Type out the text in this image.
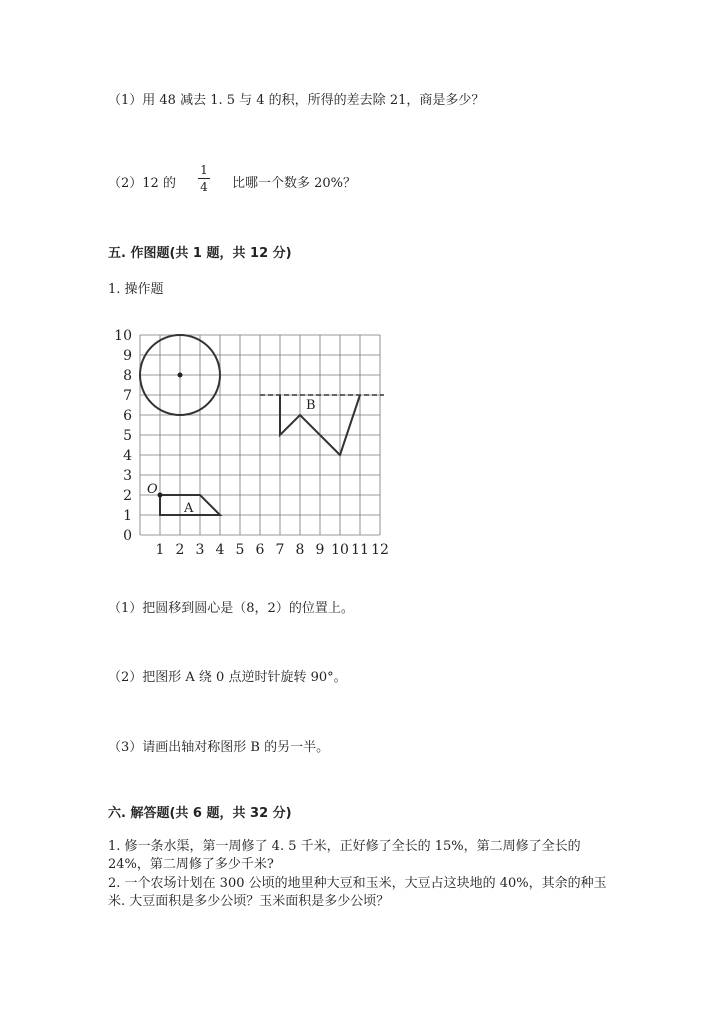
（1）用 48 减去 1. 5 与 4 的积，所得的差去除 21，商是多少？
（2）12 的
1
4	比哪一个数多 20%？
五. 作图题(共 1 题，共 12 分)
1. 操作题
0
1
2
3
4
5
6
7
8
9
10
1 2 3 4 5 6 7 8 9 10 11 12
O
A
B
（1）把圆移到圆心是（8，2）的位置上。
（2）把图形 A 绕 0 点逆时针旋转 90°。
（3）请画出轴对称图形 B 的另一半。
六. 解答题(共 6 题，共 32 分)
1. 修一条水渠，第一周修了 4. 5 千米，正好修了全长的 15%，第二周修了全长的 24%，第二周修了多少千米?
2. 一个农场计划在 300 公顷的地里种大豆和玉米，大豆占这块地的 40%，其余的种玉米. 大豆面积是多少公顷？玉米面积是多少公顷？
